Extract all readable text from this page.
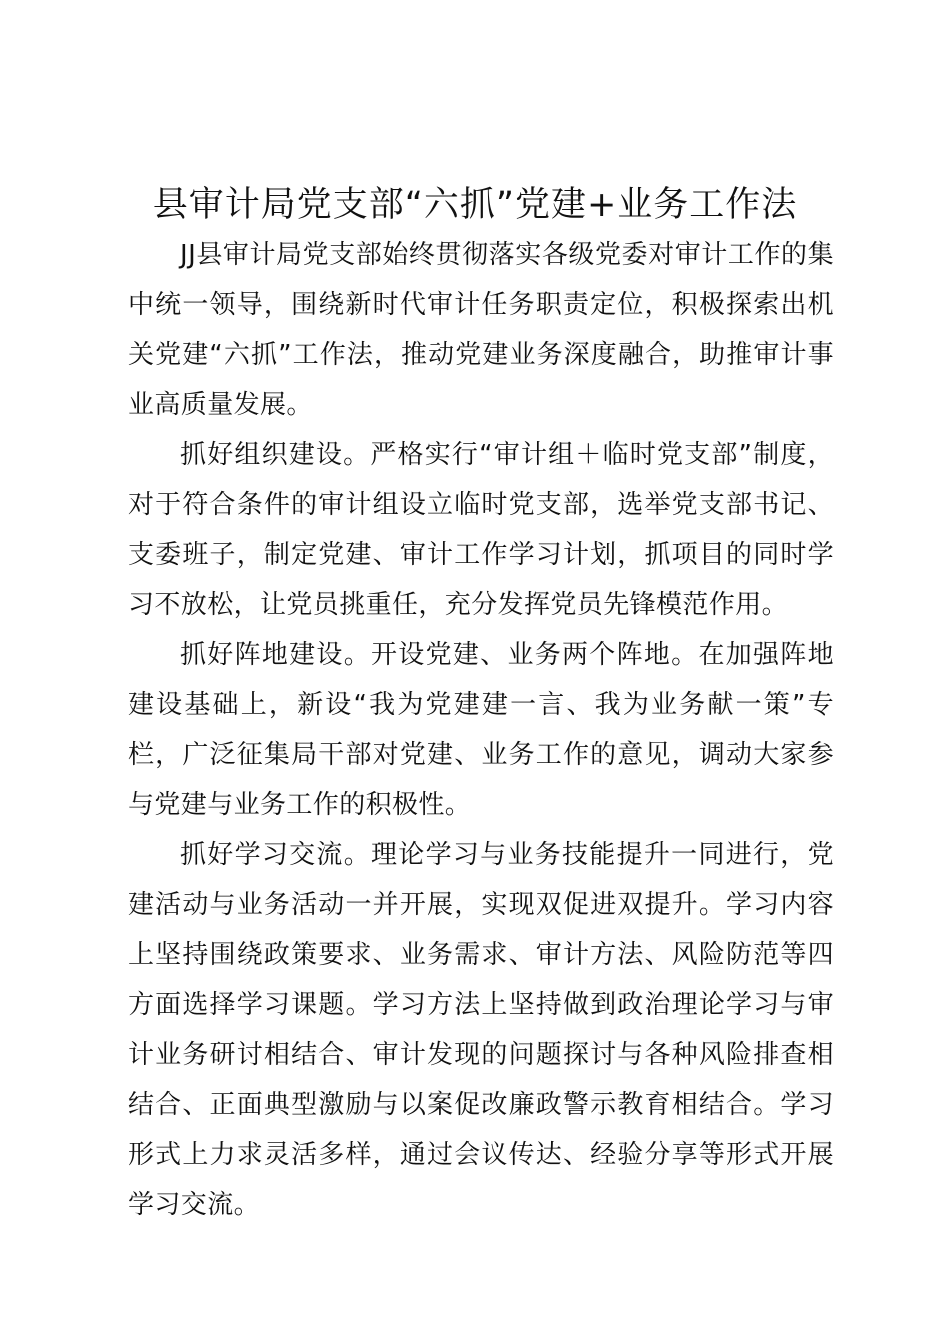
县审计局党支部“六抓”党建+业务工作法

JJ县审计局党支部始终贯彻落实各级党委对审计工作的集中统一领导，围绕新时代审计任务职责定位，积极探索出机关党建“六抓”工作法，推动党建业务深度融合，助推审计事业高质量发展。

抓好组织建设。严格实行“审计组＋临时党支部”制度，对于符合条件的审计组设立临时党支部，选举党支部书记、支委班子，制定党建、审计工作学习计划，抓项目的同时学习不放松，让党员挑重任，充分发挥党员先锋模范作用。

抓好阵地建设。开设党建、业务两个阵地。在加强阵地建设基础上，新设“我为党建建一言、我为业务献一策”专栏，广泛征集局干部对党建、业务工作的意见，调动大家参与党建与业务工作的积极性。

抓好学习交流。理论学习与业务技能提升一同进行，党建活动与业务活动一并开展，实现双促进双提升。学习内容上坚持围绕政策要求、业务需求、审计方法、风险防范等四方面选择学习课题。学习方法上坚持做到政治理论学习与审计业务研讨相结合、审计发现的问题探讨与各种风险排查相结合、正面典型激励与以案促改廉政警示教育相结合。学习形式上力求灵活多样，通过会议传达、经验分享等形式开展学习交流。
